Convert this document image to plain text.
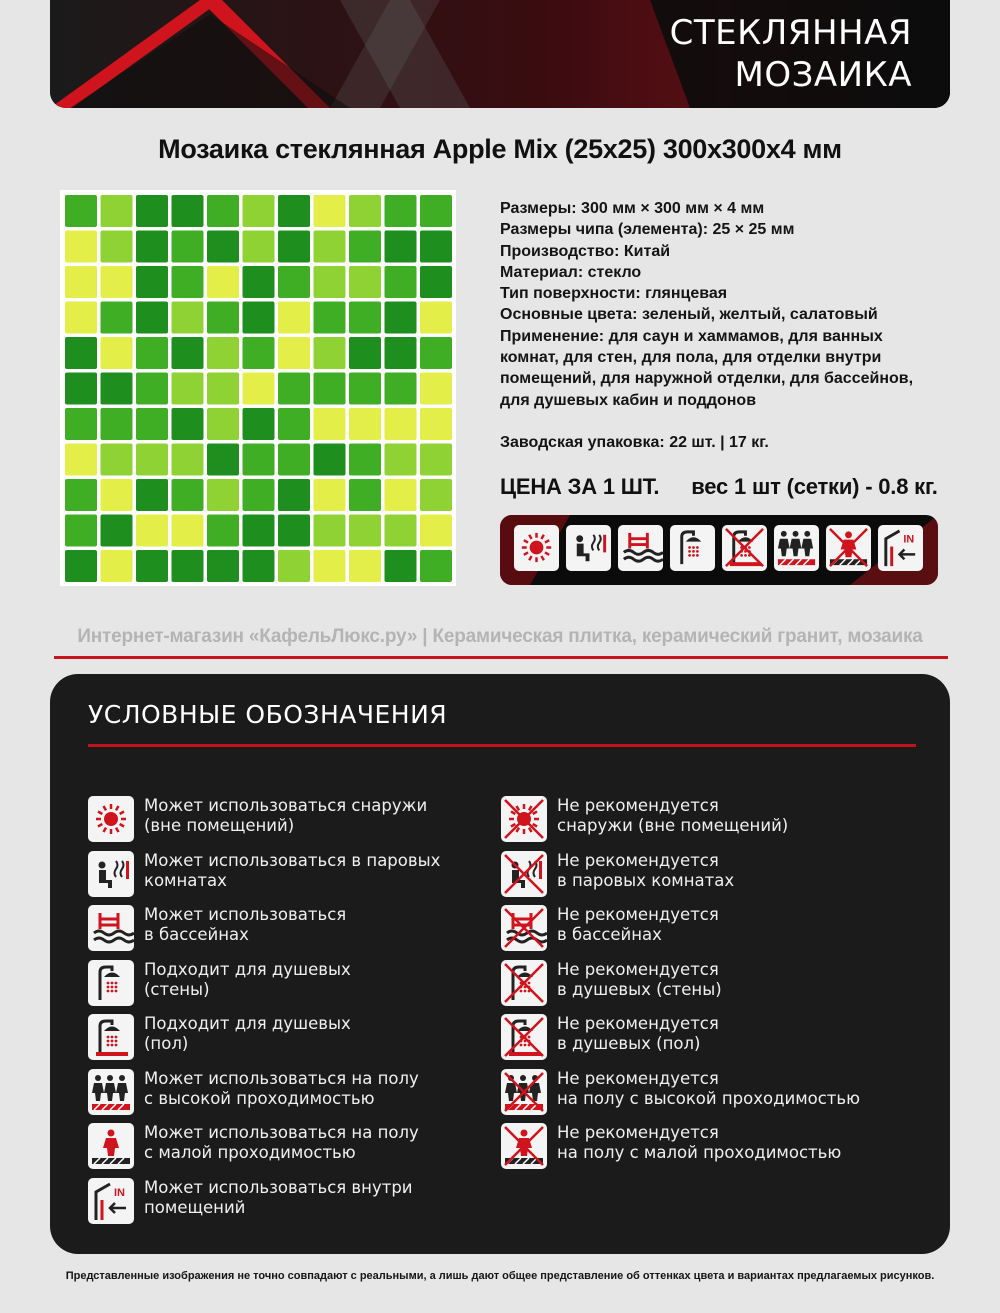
СТЕКЛЯННАЯ
МОЗАИКА
Мозаика стеклянная Apple Mix (25x25) 300x300x4 мм
Размеры: 300 мм × 300 мм × 4 мм
Размеры чипа (элемента): 25 × 25 мм
Производство: Китай
Материал: стекло
Тип поверхности: глянцевая
Основные цвета: зеленый, желтый, салатовый
Применение: для саун и хаммамов, для ванных
комнат, для стен, для пола, для отделки внутри
помещений, для наружной отделки, для бассейнов,
для душевых кабин и поддонов
Заводская упаковка: 22 шт. | 17 кг.
ЦЕНА ЗА 1 ШТ. вес 1 шт (сетки) - 0.8 кг.
IN
Интернет-магазин «КафельЛюкс.ру» | Керамическая плитка, керамический гранит, мозаика
УСЛОВНЫЕ ОБОЗНАЧЕНИЯ
Может использоваться снаружи
(вне помещений)
Может использоваться в паровых
комнатах
Может использоваться
в бассейнах
Подходит для душевых
(стены)
Подходит для душевых
(пол)
Может использоваться на полу
с высокой проходимостью
Может использоваться на полу
с малой проходимостью
IN Может использоваться внутри
помещений
Не рекомендуется
снаружи (вне помещений)
Не рекомендуется
в паровых комнатах
Не рекомендуется
в бассейнах
Не рекомендуется
в душевых (стены)
Не рекомендуется
в душевых (пол)
Не рекомендуется
на полу с высокой проходимостью
Не рекомендуется
на полу с малой проходимостью
Представленные изображения не точно совпадают с реальными, а лишь дают общее представление об оттенках цвета и вариантах предлагаемых рисунков.
